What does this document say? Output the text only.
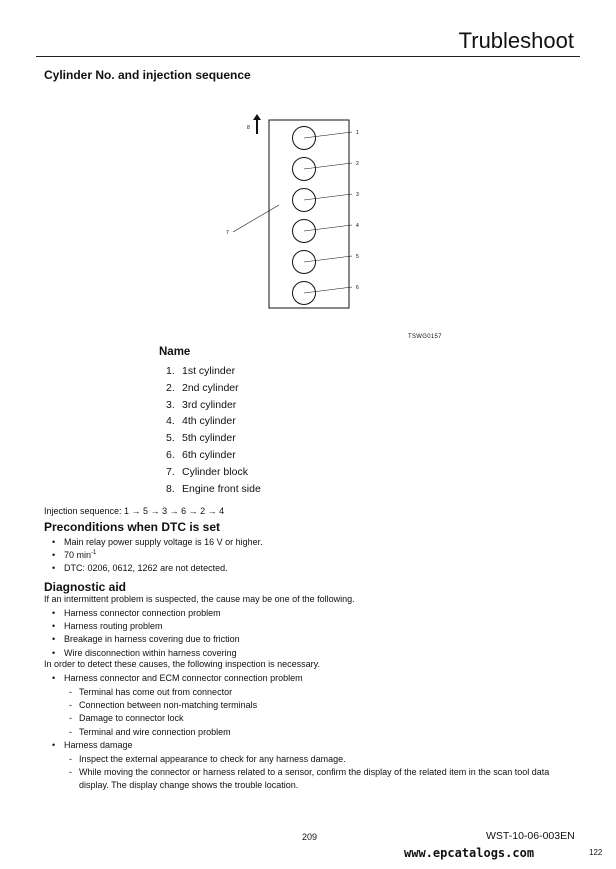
Trubleshoot
Cylinder No. and injection sequence
8
7
1
2
3
4
5
6
TSWG0157
Name
1. 1st cylinder
2. 2nd cylinder
3. 3rd cylinder
4. 4th cylinder
5. 5th cylinder
6. 6th cylinder
7. Cylinder block
8. Engine front side
Injection sequence: 1 → 5 → 3 → 6 → 2 → 4
Preconditions when DTC is set
• Main relay power supply voltage is 16 V or higher.
• 70 $\min^{-1}$
• DTC: 0206, 0612, 1262 are not detected.
Diagnostic aid
If an intermittent problem is suspected, the cause may be one of the following.
• Harness connector connection problem
• Harness routing problem
• Breakage in harness covering due to friction
• Wire disconnection within harness covering
In order to detect these causes, the following inspection is necessary.
• Harness connector and ECM connector connection problem
- Terminal has come out from connector
- Connection between non-matching terminals
- Damage to connector lock
- Terminal and wire connection problem
• Harness damage
- Inspect the external appearance to check for any harness damage.
- While moving the connector or harness related to a sensor, confirm the display of the related item in the scan tool data display. The display change shows the trouble location.
209	WST-10-06-003EN
www.epcatalogs.com	122
